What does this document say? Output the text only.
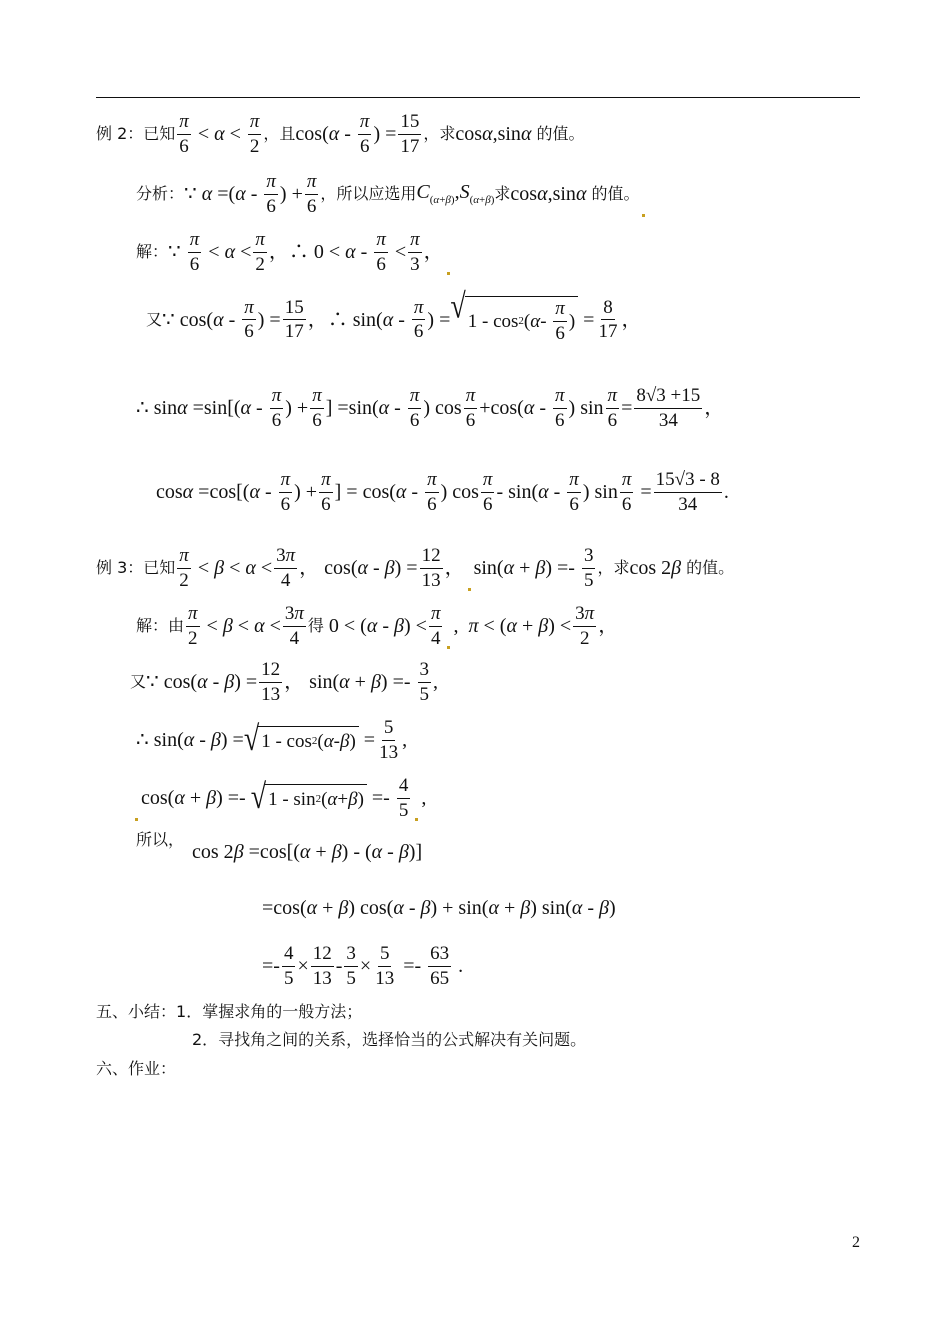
例 2：已知 $\frac{\pi}{6} < \alpha < \frac{\pi}{2}$ ，且 $\cos(\alpha - \frac{\pi}{6}$ ) = $\frac{15}{17}$ ，求 cosα,sinα 的值。
分析： ∵ $\alpha =(\alpha - \frac{\pi}{6}$ ) + $\frac{\pi}{6}$ ，所以应选用 $C_{(\alpha+\beta)},S_{(\alpha+\beta)}$ 求 cosα,sinα 的值。
解： ∵ $\frac{\pi}{6} < \alpha < \frac{\pi}{2}$ ，∴ $0 < \alpha - \frac{\pi}{6} < \frac{\pi}{3}$ ，
又 ∵ $\cos(\alpha - \frac{\pi}{6}$ ) = $\frac{15}{17}$ ，∴ $\sin(\alpha - \frac{\pi}{6}$ ) = √ 1 - cos 2 ( α - $\frac{\pi}{6}$ ) = $\frac{8}{17}$ ，
∴ $\sin\alpha =\sin[(\alpha - \frac{\pi}{6}$ ) + $\frac{\pi}{6}$ ] $=\sin(\alpha - \frac{\pi}{6}$ ) $\cos \frac{\pi}{6} +\cos(\alpha - \frac{\pi}{6}$ ) $\sin \frac{\pi}{6} = \frac{8√3 +15}{34}$ ，
$\cos\alpha =\cos[(\alpha - \frac{\pi}{6}$ ) + $\frac{\pi}{6}$ ] = $\cos(\alpha - \frac{\pi}{6}$ ) $\cos \frac{\pi}{6} - \sin(\alpha - \frac{\pi}{6}$ ) $\sin \frac{\pi}{6} = \frac{15√3 - 8}{34}$ .
例 3：已知 $\frac{\pi}{2} < \beta < \alpha < \frac{3\pi}{4}$ ， $\cos(\alpha - \beta) = \frac{12}{13}$ ， $\sin(\alpha + \beta) =- \frac{3}{5}$ ，求 cos 2β 的值。
解：由 $\frac{\pi}{2} < \beta < \alpha < \frac{3\pi}{4}$ 得 $0 < (\alpha - \beta) < \frac{\pi}{4}$ ,  $\pi < (\alpha + \beta) < \frac{3\pi}{2}$ ，
又 ∵ $\cos(\alpha - \beta) = \frac{12}{13}$ ， $\sin(\alpha + \beta) =- \frac{3}{5}$ ,
∴ sin(α - β) = √ 1 - cos 2 ( α - β ) = $\frac{5}{13}$ ,
cos(α + β) =- √ 1 - sin 2 ( α + β ) =- $\frac{4}{5}$ ,
所以，
cos 2β =cos[(α + β) - (α - β)]
=cos(α + β) cos(α - β) + sin(α + β) sin(α - β)
=- $\frac{4}{5} \times \frac{12}{13} - \frac{3}{5} \times \frac{5}{13} =- \frac{63}{65}$ .
五、小结： 1．掌握求角的一般方法；
2．寻找角之间的关系，选择恰当的公式解决有关问题。
六、作业：
2
